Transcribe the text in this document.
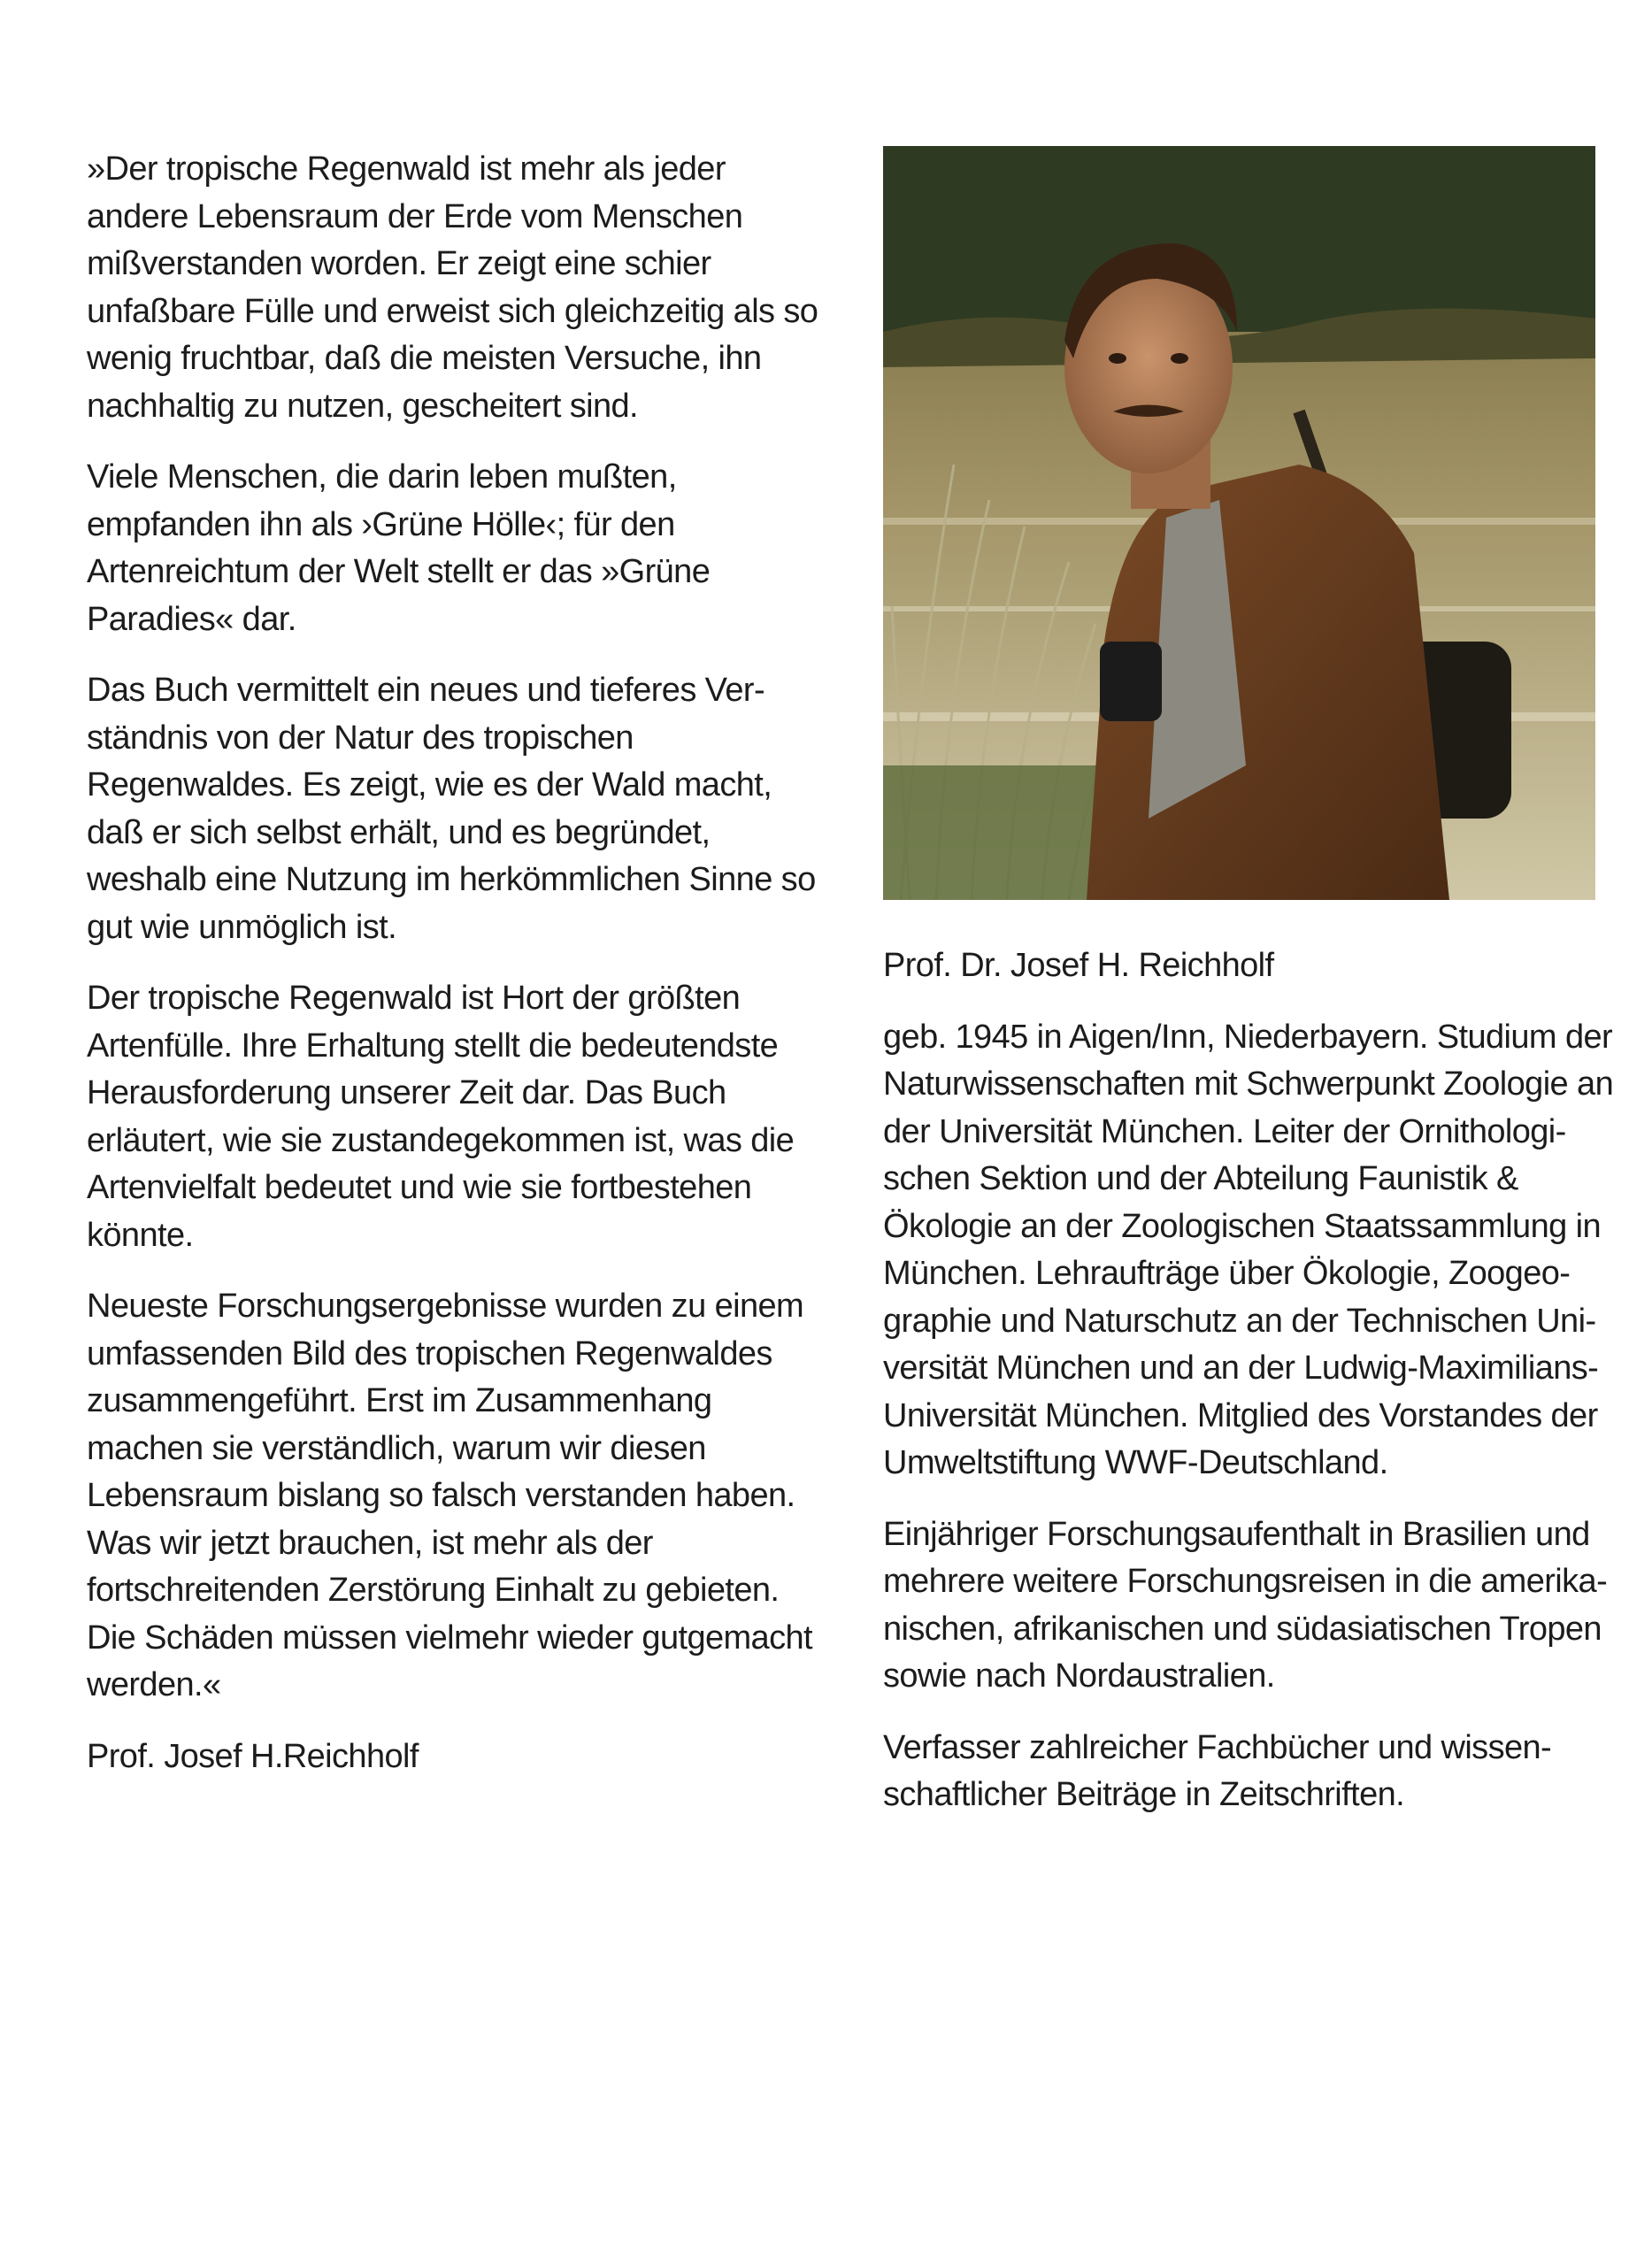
»Der tropische Regenwald ist mehr als jeder andere Lebensraum der Erde vom Menschen mißverstanden worden. Er zeigt eine schier unfaßbare Fülle und erweist sich gleichzeitig als so wenig fruchtbar, daß die meisten Versuche, ihn nachhaltig zu nutzen, gescheitert sind.

Viele Menschen, die darin leben mußten, empfanden ihn als ›Grüne Hölle‹; für den Artenreichtum der Welt stellt er das »Grüne Paradies« dar.

Das Buch vermittelt ein neues und tieferes Verständnis von der Natur des tropischen Regenwaldes. Es zeigt, wie es der Wald macht, daß er sich selbst erhält, und es begründet, weshalb eine Nutzung im herkömmlichen Sinne so gut wie unmöglich ist.

Der tropische Regenwald ist Hort der größten Artenfülle. Ihre Erhaltung stellt die bedeutendste Herausforderung unserer Zeit dar. Das Buch erläutert, wie sie zustandegekommen ist, was die Artenvielfalt bedeutet und wie sie fortbestehen könnte.

Neueste Forschungsergebnisse wurden zu einem umfassenden Bild des tropischen Regenwaldes zusammengeführt. Erst im Zusammenhang machen sie verständlich, warum wir diesen Lebensraum bislang so falsch verstanden haben. Was wir jetzt brauchen, ist mehr als der fortschreitenden Zerstörung Einhalt zu gebieten. Die Schäden müssen vielmehr wieder gutgemacht werden.«

Prof. Josef H.Reichholf

Prof. Dr. Josef H. Reichholf

geb. 1945 in Aigen/Inn, Niederbayern. Studium der Naturwissenschaften mit Schwerpunkt Zoologie an der Universität München. Leiter der Ornithologischen Sektion und der Abteilung Faunistik & Ökologie an der Zoologischen Staatssammlung in München. Lehraufträge über Ökologie, Zoogeographie und Naturschutz an der Technischen Universität München und an der Ludwig-Maximilians-Universität München. Mitglied des Vorstandes der Umweltstiftung WWF-Deutschland.

Einjähriger Forschungsaufenthalt in Brasilien und mehrere weitere Forschungsreisen in die amerikanischen, afrikanischen und südasiatischen Tropen sowie nach Nordaustralien.

Verfasser zahlreicher Fachbücher und wissenschaftlicher Beiträge in Zeitschriften.
